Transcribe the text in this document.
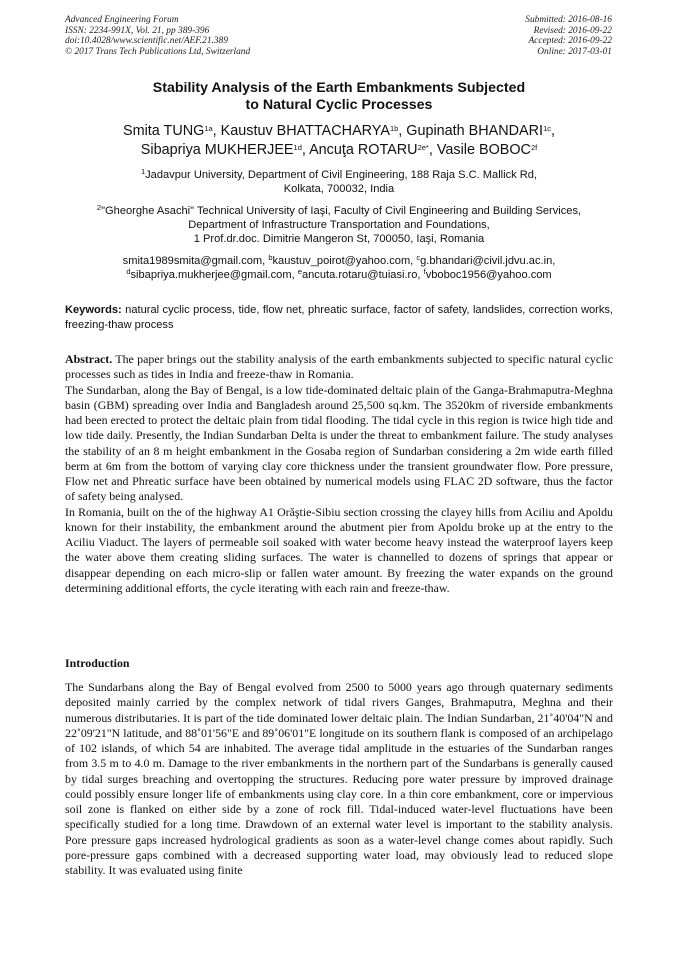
Advanced Engineering Forum
ISSN: 2234-991X, Vol. 21, pp 389-396
doi:10.4028/www.scientific.net/AEF.21.389
© 2017 Trans Tech Publications Ltd, Switzerland
Submitted: 2016-08-16
Revised: 2016-09-22
Accepted: 2016-09-22
Online: 2017-03-01
Stability Analysis of the Earth Embankments Subjected
to Natural Cyclic Processes
Smita $TUNG^{1a}$, Kaustuv $BHATTACHARYA^{1b}$, Gupinath $BHANDARI^{1c}$,
Sibapriya $MUKHERJEE^{1d}$, Ancuţa $ROTARU^{2e*}$, Vasile $BOBOC^{2f}$
$^1$Jadavpur University, Department of Civil Engineering, 188 Raja S.C. Mallick Rd,
Kolkata, 700032, India
$^2$"Gheorghe Asachi" Technical University of Iaşi, Faculty of Civil Engineering and Building Services,
Department of Infrastructure Transportation and Foundations,
1 Prof.dr.doc. Dimitrie Mangeron St, 700050, Iaşi, Romania
smita1989smita@gmail.com, $^b$kaustuv_poirot@yahoo.com, $^c$g.bhandari@civil.jdvu.ac.in,
$^d$sibapriya.mukherjee@gmail.com, $^e$ancuta.rotaru@tuiasi.ro, $^f$vboboc1956@yahoo.com
Keywords: natural cyclic process, tide, flow net, phreatic surface, factor of safety, landslides, correction works, freezing-thaw process

Abstract. The paper brings out the stability analysis of the earth embankments subjected to specific natural cyclic processes such as tides in India and freeze-thaw in Romania.

The Sundarban, along the Bay of Bengal, is a low tide-dominated deltaic plain of the Ganga-Brahmaputra-Meghna basin (GBM) spreading over India and Bangladesh around 25,500 sq.km. The 3520km of riverside embankments had been erected to protect the deltaic plain from tidal flooding. The tidal cycle in this region is twice high tide and low tide daily. Presently, the Indian Sundarban Delta is under the threat to embankment failure. The study analyses the stability of an 8 m height embankment in the Gosaba region of Sundarban considering a 2m wide earth filled berm at 6m from the bottom of varying clay core thickness under the transient groundwater flow. Pore pressure, Flow net and Phreatic surface have been obtained by numerical models using FLAC 2D software, thus the factor of safety being analysed.

In Romania, built on the of the highway A1 Orăştie-Sibiu section crossing the clayey hills from Aciliu and Apoldu known for their instability, the embankment around the abutment pier from Apoldu broke up at the entry to the Aciliu Viaduct. The layers of permeable soil soaked with water become heavy instead the waterproof layers keep the water above them creating sliding surfaces. The water is channelled to dozens of springs that appear or disappear depending on each micro-slip or fallen water amount. By freezing the water expands on the ground determining additional efforts, the cycle iterating with each rain and freeze-thaw.

Introduction

The Sundarbans along the Bay of Bengal evolved from 2500 to 5000 years ago through quaternary sediments deposited mainly carried by the complex network of tidal rivers Ganges, Brahmaputra, Meghna and their numerous distributaries. It is part of the tide dominated lower deltaic plain. The Indian Sundarban, 21˚40'04"N and 22˚09'21"N latitude, and 88˚01'56"E and 89˚06'01"E longitude on its southern flank is composed of an archipelago of 102 islands, of which 54 are inhabited. The average tidal amplitude in the estuaries of the Sundarban ranges from 3.5 m to 4.0 m. Damage to the river embankments in the northern part of the Sundarbans is generally caused by tidal surges breaching and overtopping the structures. Reducing pore water pressure by improved drainage could possibly ensure longer life of embankments using clay core. In a thin core embankment, core or impervious soil zone is flanked on either side by a zone of rock fill. Tidal-induced water-level fluctuations have been specifically studied for a long time. Drawdown of an external water level is important to the stability analysis. Pore pressure gaps increased hydrological gradients as soon as a water-level change comes about rapidly. Such pore-pressure gaps combined with a decreased supporting water load, may obviously lead to reduced slope stability. It was evaluated using finite
